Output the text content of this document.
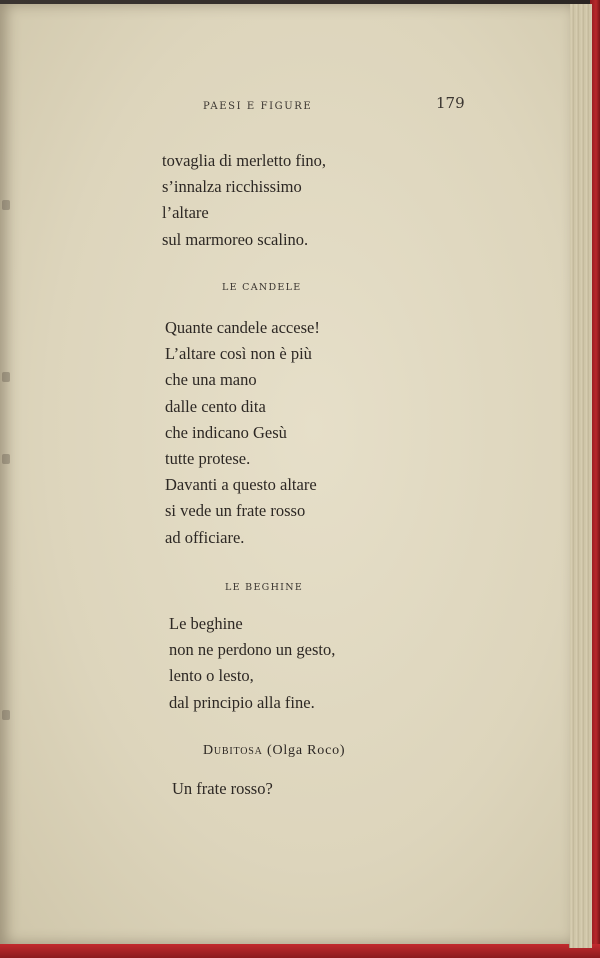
PAESI E FIGURE	179
tovaglia di merletto fino,
s’innalza ricchissimo
l’altare
sul marmoreo scalino.
LE CANDELE
Quante candele accese!
L’altare così non è più
che una mano
dalle cento dita
che indicano Gesù
tutte protese.
Davanti a questo altare
si vede un frate rosso
ad officiare.
LE BEGHINE
Le beghine
non ne perdono un gesto,
lento o lesto,
dal principio alla fine.
Dubitosa (Olga Roco)
Un frate rosso?
